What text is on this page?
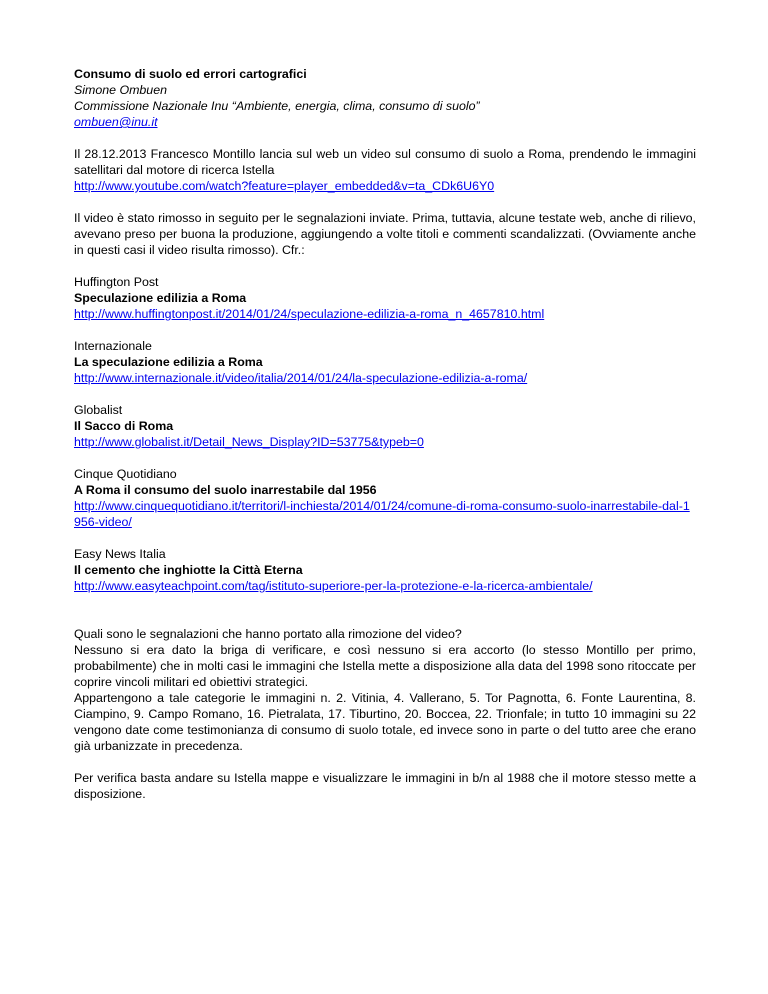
Consumo di suolo ed errori cartografici
Simone Ombuen
Commissione Nazionale Inu “Ambiente, energia, clima, consumo di suolo”
ombuen@inu.it
Il 28.12.2013 Francesco Montillo lancia sul web un video sul consumo di suolo a Roma, prendendo le immagini satellitari dal motore di ricerca Istella
http://www.youtube.com/watch?feature=player_embedded&v=ta_CDk6U6Y0
Il video è stato rimosso in seguito per le segnalazioni inviate. Prima, tuttavia, alcune testate web, anche di rilievo, avevano preso per buona la produzione, aggiungendo a volte titoli e commenti scandalizzati. (Ovviamente anche in questi casi il video risulta rimosso). Cfr.:
Huffington Post
Speculazione edilizia a Roma
http://www.huffingtonpost.it/2014/01/24/speculazione-edilizia-a-roma_n_4657810.html
Internazionale
La speculazione edilizia a Roma
http://www.internazionale.it/video/italia/2014/01/24/la-speculazione-edilizia-a-roma/
Globalist
Il Sacco di Roma
http://www.globalist.it/Detail_News_Display?ID=53775&typeb=0
Cinque Quotidiano
A Roma il consumo del suolo inarrestabile dal 1956
http://www.cinquequotidiano.it/territori/l-inchiesta/2014/01/24/comune-di-roma-consumo-suolo-inarrestabile-dal-1956-video/
Easy News Italia
Il cemento che inghiotte la Città Eterna
http://www.easyteachpoint.com/tag/istituto-superiore-per-la-protezione-e-la-ricerca-ambientale/
Quali sono le segnalazioni che hanno portato alla rimozione del video?
Nessuno si era dato la briga di verificare, e così nessuno si era accorto (lo stesso Montillo per primo, probabilmente) che in molti casi le immagini che Istella mette a disposizione alla data del 1998 sono ritoccate per coprire vincoli militari ed obiettivi strategici.
Appartengono a tale categorie le immagini n. 2. Vitinia, 4. Vallerano, 5. Tor Pagnotta, 6. Fonte Laurentina, 8. Ciampino, 9. Campo Romano, 16. Pietralata, 17. Tiburtino, 20. Boccea, 22. Trionfale; in tutto 10 immagini su 22 vengono date come testimonianza di consumo di suolo totale, ed invece sono in parte o del tutto aree che erano già urbanizzate in precedenza.
Per verifica basta andare su Istella mappe e visualizzare le immagini in b/n al 1988 che il motore stesso mette a disposizione.
